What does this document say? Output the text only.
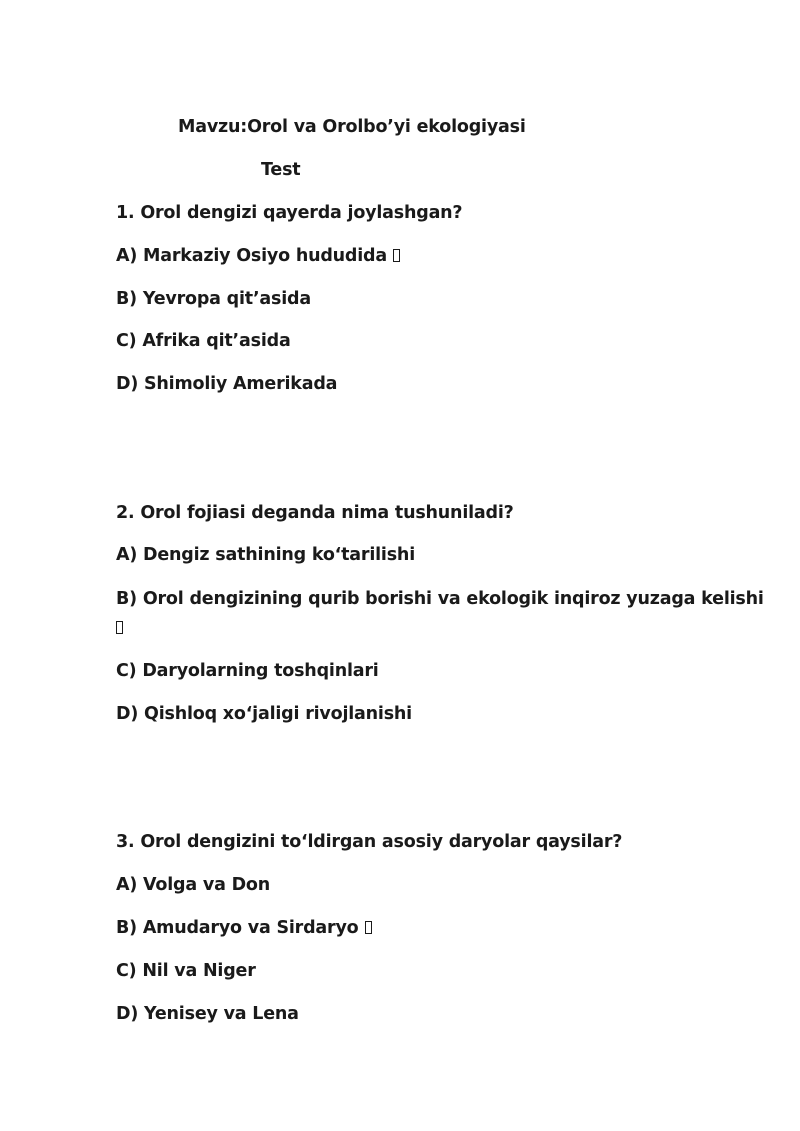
Mavzu:Orol va Orolbo’yi ekologiyasi
Test
1. Orol dengizi qayerda joylashgan?
A) Markaziy Osiyo hududida
B) Yevropa qit’asida
C) Afrika qit’asida
D) Shimoliy Amerikada
2. Orol fojiasi deganda nima tushuniladi?
A) Dengiz sathining ko‘tarilishi
B) Orol dengizining qurib borishi va ekologik inqiroz yuzaga kelishi
C) Daryolarning toshqinlari
D) Qishloq xo‘jaligi rivojlanishi
3. Orol dengizini to‘ldirgan asosiy daryolar qaysilar?
A) Volga va Don
B) Amudaryo va Sirdaryo
C) Nil va Niger
D) Yenisey va Lena
